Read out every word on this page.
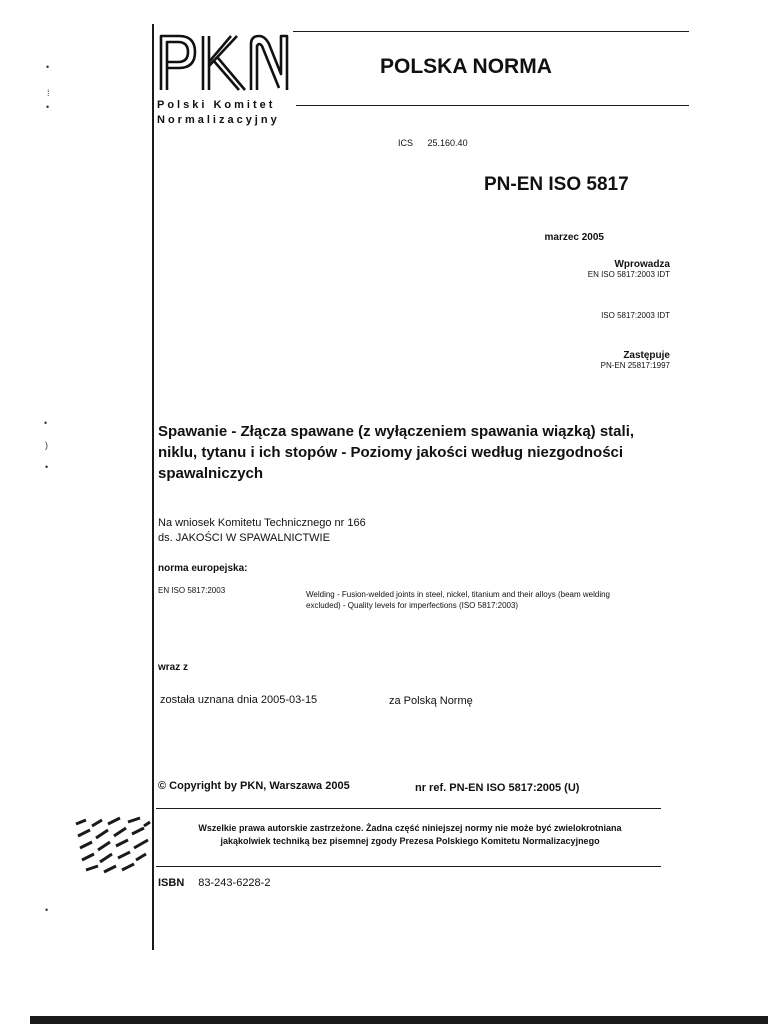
Polski Komitet
Normalizacyjny
POLSKA NORMA
ICS 25.160.40
PN-EN ISO 5817
marzec 2005
Wprowadza
EN ISO 5817:2003 IDT
ISO 5817:2003 IDT
Zastępuje
PN-EN 25817:1997
Spawanie - Złącza spawane (z wyłączeniem spawania wiązką) stali,
niklu, tytanu i ich stopów - Poziomy jakości według niezgodności
spawalniczych
Na wniosek Komitetu Technicznego nr 166
ds. JAKOŚCI W SPAWALNICTWIE
norma europejska:
EN ISO 5817:2003	Welding - Fusion-welded joints in steel, nickel, titanium and their alloys (beam welding
excluded) - Quality levels for imperfections (ISO 5817:2003)
wraz z
została uznana dnia 2005-03-15	za Polską Normę
© Copyright by PKN, Warszawa 2005	nr ref. PN-EN ISO 5817:2005 (U)
Wszelkie prawa autorskie zastrzeżone. Żadna część niniejszej normy nie może być zwielokrotniana
jakąkolwiek techniką bez pisemnej zgody Prezesa Polskiego Komitetu Normalizacyjnego
ISBN 83-243-6228-2
•
⁞
•
•
)
•
•
